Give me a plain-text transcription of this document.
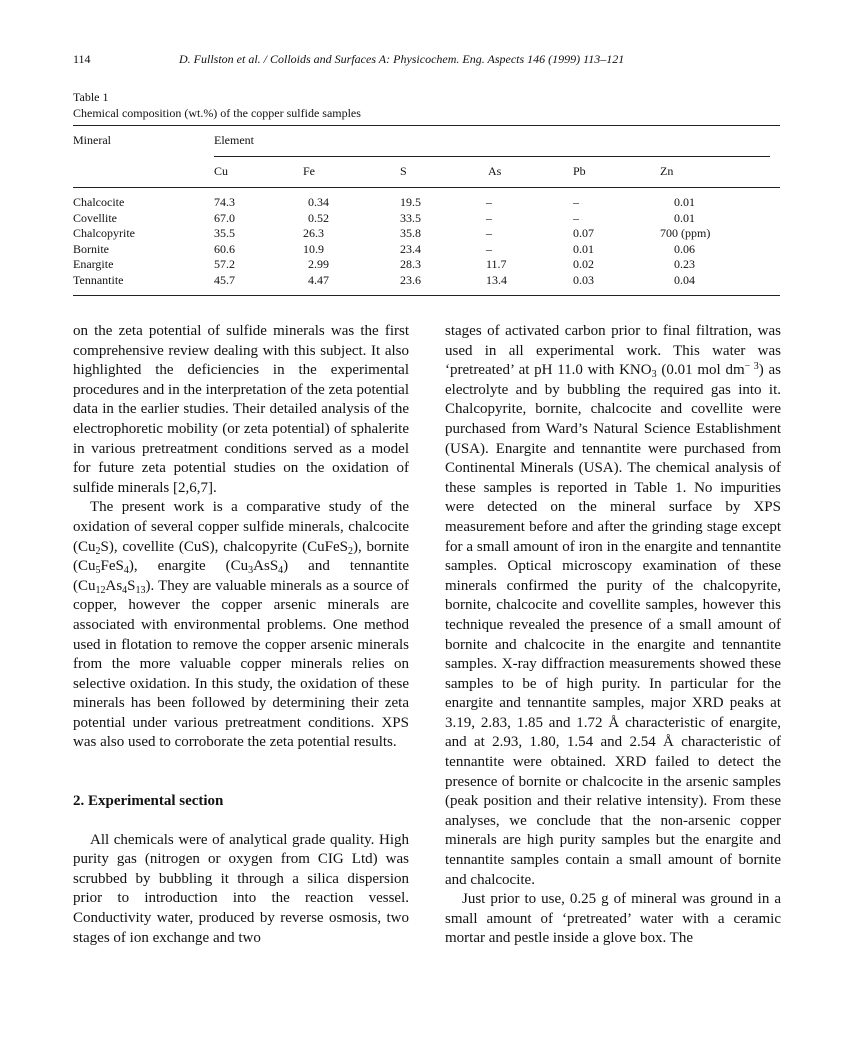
114	D. Fullston et al. / Colloids and Surfaces A: Physicochem. Eng. Aspects 146 (1999) 113–121
Table 1
Chemical composition (wt.%) of the copper sulfide samples
Mineral	Element
Cu	Fe	S	As	Pb	Zn
Chalcocite	74.3	0.34	19.5	–	–	0.01
Covellite	67.0	0.52	33.5	–	–	0.01
Chalcopyrite	35.5	26.3	35.8	–	0.07	700 (ppm)
Bornite	60.6	10.9	23.4	–	0.01	0.06
Enargite	57.2	2.99	28.3	11.7	0.02	0.23
Tennantite	45.7	4.47	23.6	13.4	0.03	0.04

on the zeta potential of sulfide minerals was the first comprehensive review dealing with this subject. It also highlighted the deficiencies in the experimental procedures and in the interpretation of the zeta potential data in the earlier studies. Their detailed analysis of the electrophoretic mobility (or zeta potential) of sphalerite in various pretreatment conditions served as a model for future zeta potential studies on the oxidation of sulfide minerals [2,6,7].

The present work is a comparative study of the oxidation of several copper sulfide minerals, chalcocite $(Cu_2S)$, covellite (CuS), chalcopyrite (CuFeS$_2$), bornite $(Cu_5FeS_4)$, enargite $(Cu_3AsS_4)$ and tennantite $(Cu_{12}As_4S_{13})$. They are valuable minerals as a source of copper, however the copper arsenic minerals are associated with environmental problems. One method used in flotation to remove the copper arsenic minerals from the more valuable copper minerals relies on selective oxidation. In this study, the oxidation of these minerals has been followed by determining their zeta potential under various pretreatment conditions. XPS was also used to corroborate the zeta potential results.

2. Experimental section

All chemicals were of analytical grade quality. High purity gas (nitrogen or oxygen from CIG Ltd) was scrubbed by bubbling it through a silica dispersion prior to introduction into the reaction vessel. Conductivity water, produced by reverse osmosis, two stages of ion exchange and two

stages of activated carbon prior to final filtration, was used in all experimental work. This water was ‘pretreated’ at pH 11.0 with $KNO_3$ (0.01 mol $dm^{- 3}$) as electrolyte and by bubbling the required gas into it. Chalcopyrite, bornite, chalcocite and covellite were purchased from Ward’s Natural Science Establishment (USA). Enargite and tennantite were purchased from Continental Minerals (USA). The chemical analysis of these samples is reported in Table 1. No impurities were detected on the mineral surface by XPS measurement before and after the grinding stage except for a small amount of iron in the enargite and tennantite samples. Optical microscopy examination of these minerals confirmed the purity of the chalcopyrite, bornite, chalcocite and covellite samples, however this technique revealed the presence of a small amount of bornite and chalcocite in the enargite and tennantite samples. X-ray diffraction measurements showed these samples to be of high purity. In particular for the enargite and tennantite samples, major XRD peaks at 3.19, 2.83, 1.85 and 1.72 Å characteristic of enargite, and at 2.93, 1.80, 1.54 and 2.54 Å characteristic of tennantite were obtained. XRD failed to detect the presence of bornite or chalcocite in the arsenic samples (peak position and their relative intensity). From these analyses, we conclude that the non-arsenic copper minerals are high purity samples but the enargite and tennantite samples contain a small amount of bornite and chalcocite.

Just prior to use, 0.25 g of mineral was ground in a small amount of ‘pretreated’ water with a ceramic mortar and pestle inside a glove box. The
